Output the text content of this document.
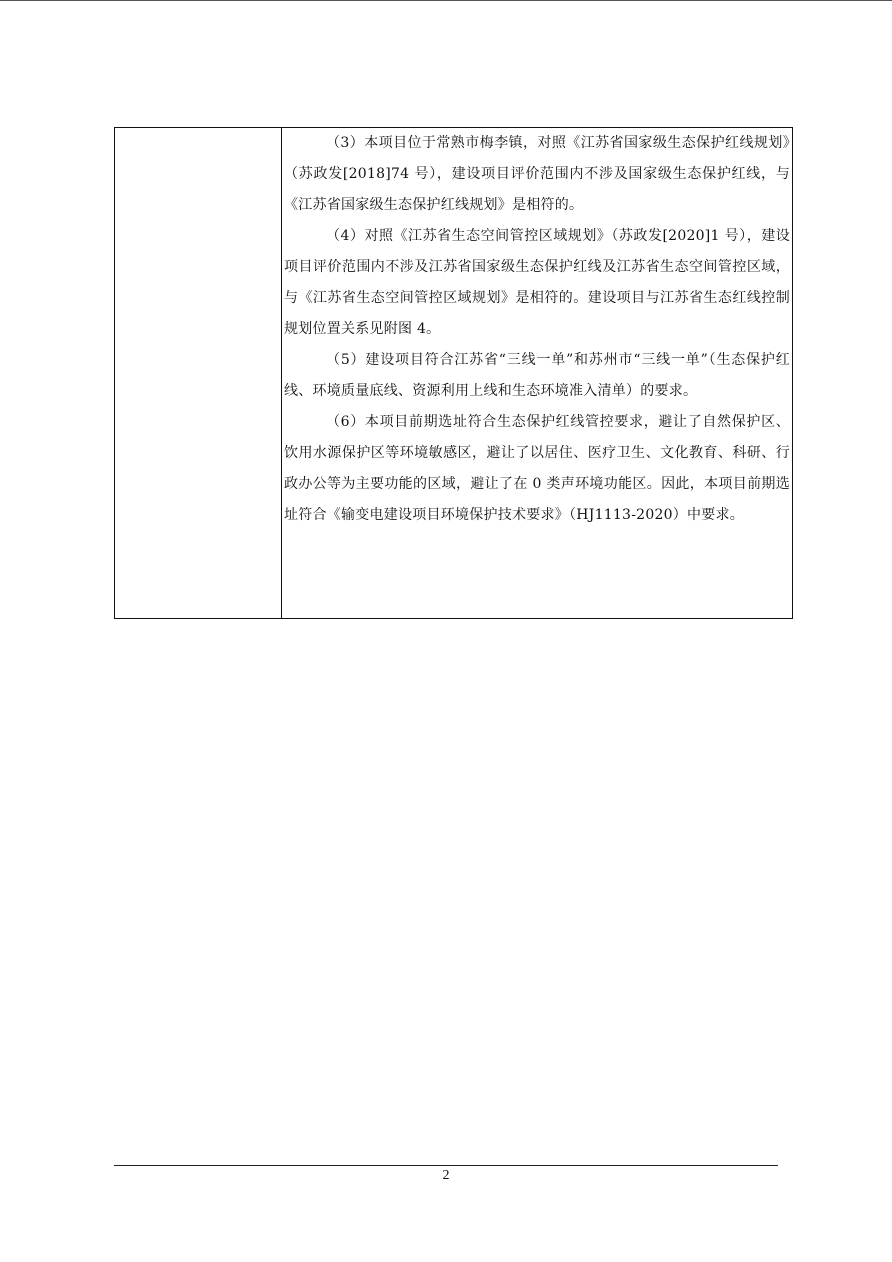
（3）本项目位于常熟市梅李镇，对照《江苏省国家级生态保护红线规划》（苏政发[2018]74 号），建设项目评价范围内不涉及国家级生态保护红线，与《江苏省国家级生态保护红线规划》是相符的。

（4）对照《江苏省生态空间管控区域规划》（苏政发[2020]1 号），建设项目评价范围内不涉及江苏省国家级生态保护红线及江苏省生态空间管控区域，与《江苏省生态空间管控区域规划》是相符的。建设项目与江苏省生态红线控制规划位置关系见附图 4。

（5）建设项目符合江苏省“三线一单”和苏州市“三线一单”（生态保护红线、环境质量底线、资源利用上线和生态环境准入清单）的要求。

（6）本项目前期选址符合生态保护红线管控要求，避让了自然保护区、饮用水源保护区等环境敏感区，避让了以居住、医疗卫生、文化教育、科研、行政办公等为主要功能的区域，避让了在 0 类声环境功能区。因此，本项目前期选址符合《输变电建设项目环境保护技术要求》（HJ1113-2020）中要求。

2
